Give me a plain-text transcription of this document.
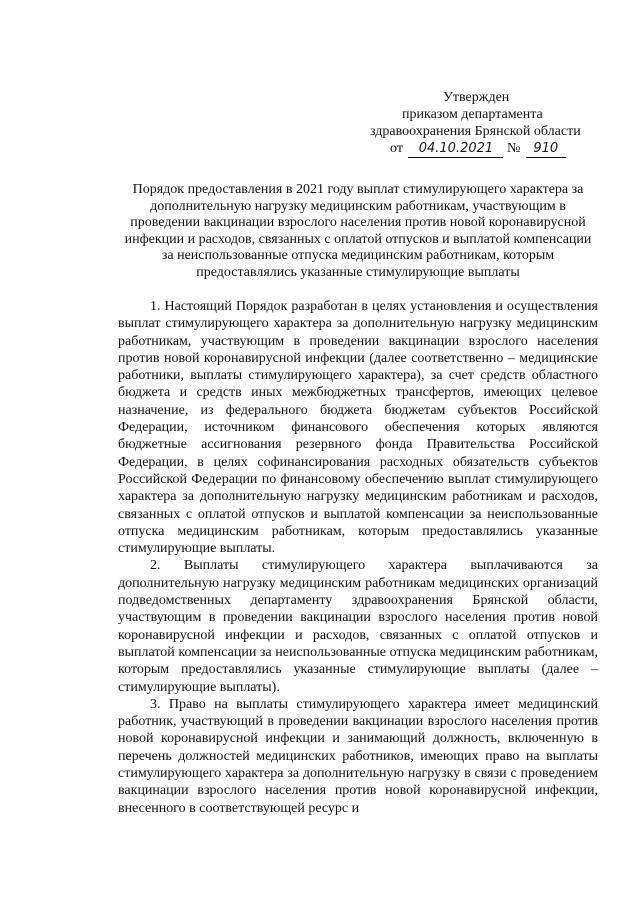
Утвержден
приказом департамента
здравоохранения Брянской области
от 04.10.2021 № 910
Порядок предоставления в 2021 году выплат стимулирующего характера за дополнительную нагрузку медицинским работникам, участвующим в проведении вакцинации взрослого населения против новой коронавирусной инфекции и расходов, связанных с оплатой отпусков и выплатой компенсации за неиспользованные отпуска медицинским работникам, которым предоставлялись указанные стимулирующие выплаты

1. Настоящий Порядок разработан в целях установления и осуществления выплат стимулирующего характера за дополнительную нагрузку медицинским работникам, участвующим в проведении вакцинации взрослого населения против новой коронавирусной инфекции (далее соответственно – медицинские работники, выплаты стимулирующего характера), за счет средств областного бюджета и средств иных межбюджетных трансфертов, имеющих целевое назначение, из федерального бюджета бюджетам субъектов Российской Федерации, источником финансового обеспечения которых являются бюджетные ассигнования резервного фонда Правительства Российской Федерации, в целях софинансирования расходных обязательств субъектов Российской Федерации по финансовому обеспечению выплат стимулирующего характера за дополнительную нагрузку медицинским работникам и расходов, связанных с оплатой отпусков и выплатой компенсации за неиспользованные отпуска медицинским работникам, которым предоставлялись указанные стимулирующие выплаты.

2. Выплаты стимулирующего характера выплачиваются за дополнительную нагрузку медицинским работникам медицинских организаций подведомственных департаменту здравоохранения Брянской области, участвующим в проведении вакцинации взрослого населения против новой коронавирусной инфекции и расходов, связанных с оплатой отпусков и выплатой компенсации за неиспользованные отпуска медицинским работникам, которым предоставлялись указанные стимулирующие выплаты (далее – стимулирующие выплаты).

3. Право на выплаты стимулирующего характера имеет медицинский работник, участвующий в проведении вакцинации взрослого населения против новой коронавирусной инфекции и занимающий должность, включенную в перечень должностей медицинских работников, имеющих право на выплаты стимулирующего характера за дополнительную нагрузку в связи с проведением вакцинации взрослого населения против новой коронавирусной инфекции, внесенного в соответствующей ресурс и
